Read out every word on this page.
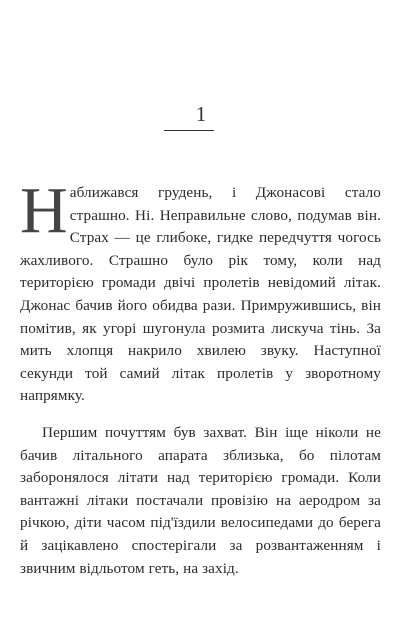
1

Наближався грудень, і Джонасові стало страшно. Ні. Неправильне слово, подумав він. Страх — це глибоке, гидке передчуття чогось жахливого. Страшно було рік тому, коли над територією громади двічі пролетів невідомий літак. Джонас бачив його обидва рази. Примружившись, він помітив, як угорі шугонула розмита лискуча тінь. За мить хлопця накрило хвилею звуку. Наступної секунди той самий літак пролетів у зворотному напрямку.

Першим почуттям був захват. Він іще ніколи не бачив літального апарата зблизька, бо пілотам заборонялося літати над територією громади. Коли вантажні літаки постачали провізію на аеродром за річкою, діти часом під'їздили велосипедами до берега й зацікавлено спостерігали за розвантаженням і звичним відльотом геть, на захід.
